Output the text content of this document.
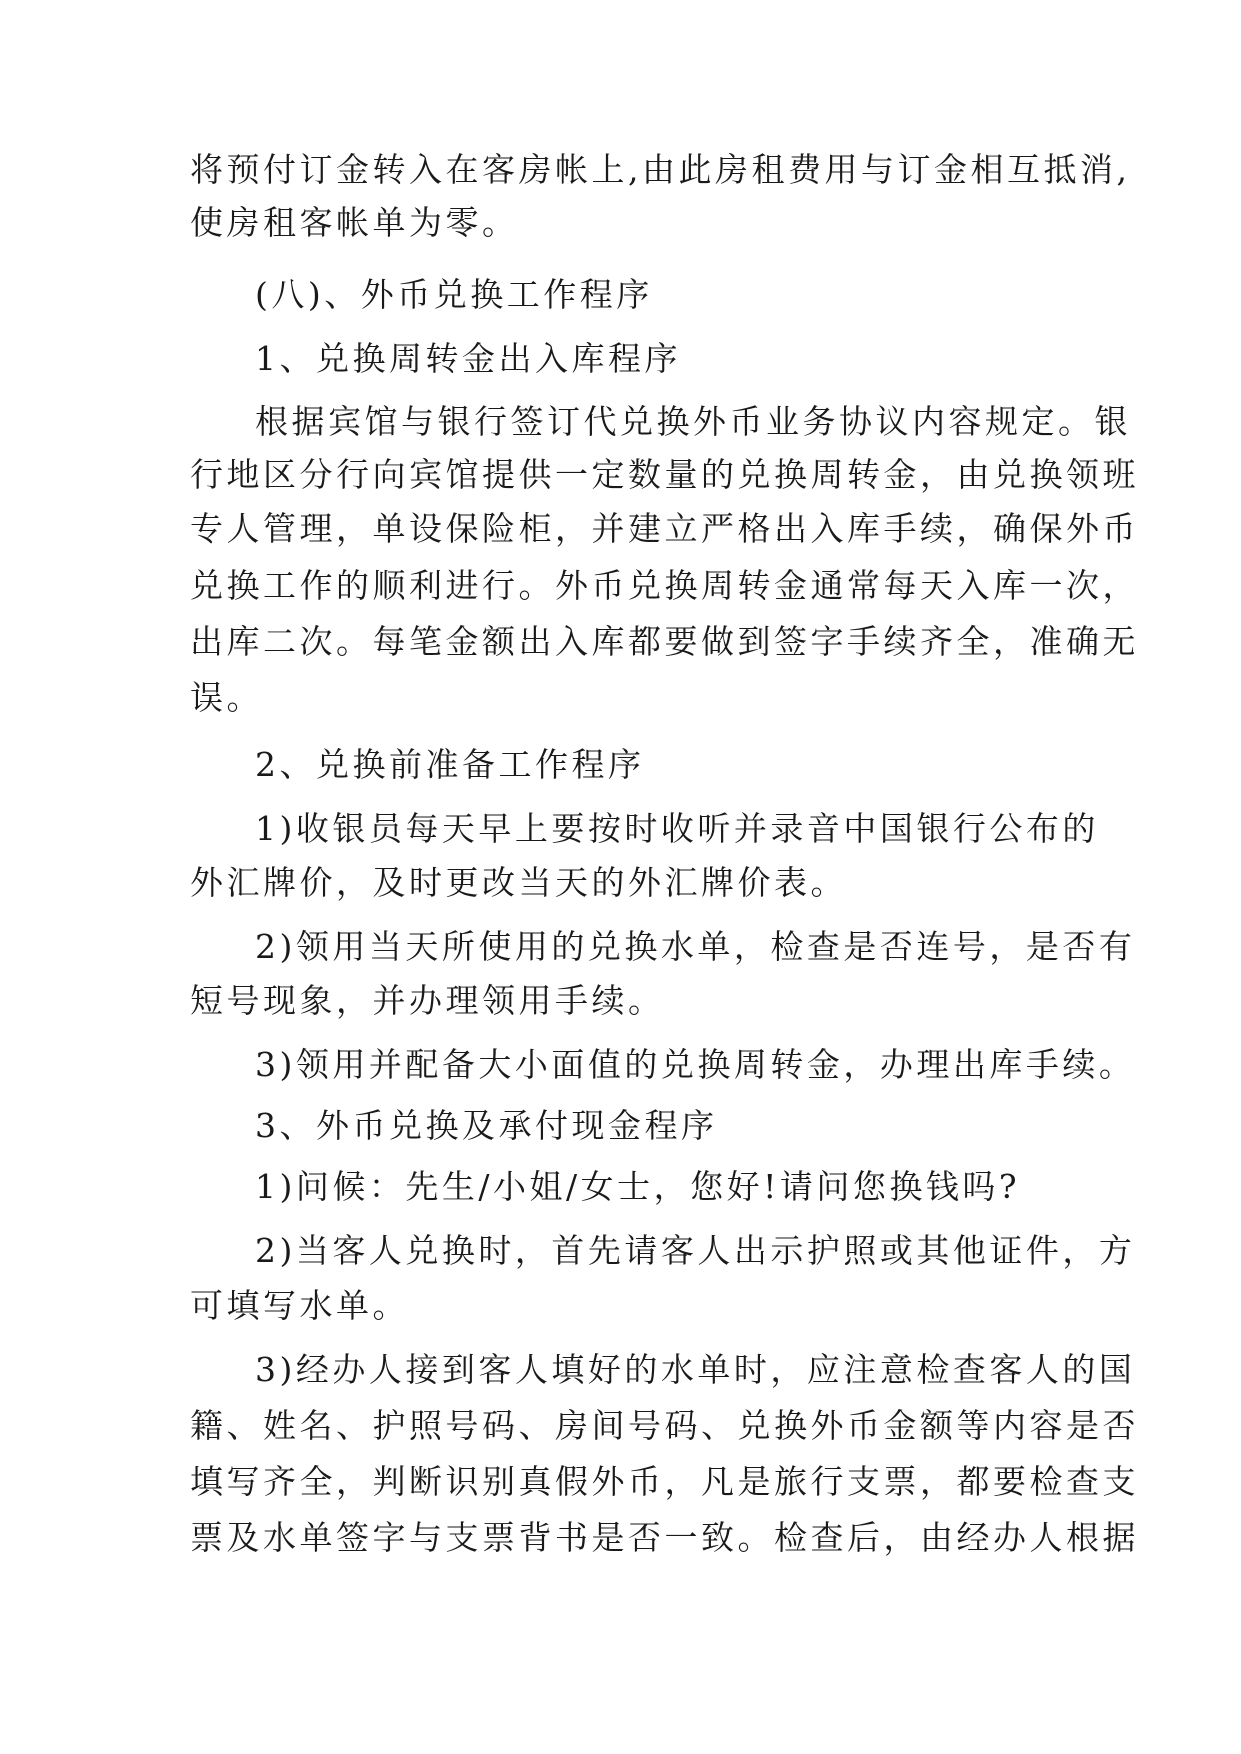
将预付订金转入在客房帐上,由此房租费用与订金相互抵消,
使房租客帐单为零。
(八)、外币兑换工作程序
1、兑换周转金出入库程序
根据宾馆与银行签订代兑换外币业务协议内容规定。银
行地区分行向宾馆提供一定数量的兑换周转金，由兑换领班
专人管理，单设保险柜，并建立严格出入库手续，确保外币
兑换工作的顺利进行。外币兑换周转金通常每天入库一次，
出库二次。每笔金额出入库都要做到签字手续齐全，准确无
误。
2、兑换前准备工作程序
1)收银员每天早上要按时收听并录音中国银行公布的
外汇牌价，及时更改当天的外汇牌价表。
2)领用当天所使用的兑换水单，检查是否连号，是否有
短号现象，并办理领用手续。
3)领用并配备大小面值的兑换周转金，办理出库手续。
3、外币兑换及承付现金程序
1)问候：先生/小姐/女士，您好!请问您换钱吗?
2)当客人兑换时，首先请客人出示护照或其他证件，方
可填写水单。
3)经办人接到客人填好的水单时，应注意检查客人的国
籍、姓名、护照号码、房间号码、兑换外币金额等内容是否
填写齐全，判断识别真假外币，凡是旅行支票，都要检查支
票及水单签字与支票背书是否一致。检查后，由经办人根据
